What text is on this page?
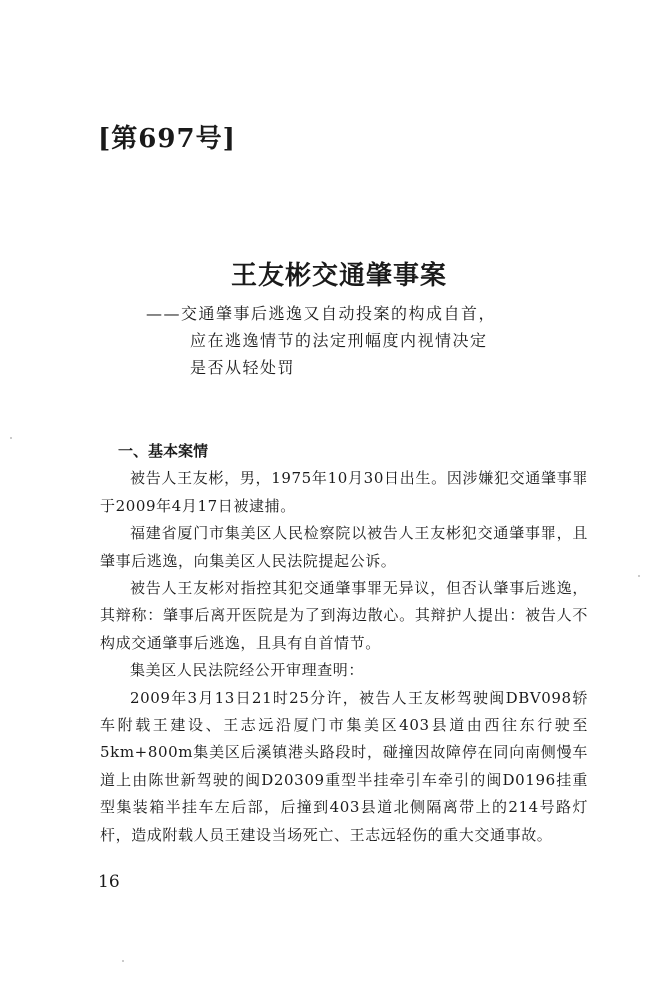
[第697号]
王友彬交通肇事案
——交通肇事后逃逸又自动投案的构成自首，
应在逃逸情节的法定刑幅度内视情决定
是否从轻处罚

一、基本案情

被告人王友彬，男，1975年10月30日出生。因涉嫌犯交通肇事罪于2009年4月17日被逮捕。

福建省厦门市集美区人民检察院以被告人王友彬犯交通肇事罪，且肇事后逃逸，向集美区人民法院提起公诉。

被告人王友彬对指控其犯交通肇事罪无异议，但否认肇事后逃逸，其辩称：肇事后离开医院是为了到海边散心。其辩护人提出：被告人不构成交通肇事后逃逸，且具有自首情节。

集美区人民法院经公开审理查明：

2009年3月13日21时25分许，被告人王友彬驾驶闽DBV098轿车附载王建设、王志远沿厦门市集美区403县道由西往东行驶至5km+800m集美区后溪镇港头路段时，碰撞因故障停在同向南侧慢车道上由陈世新驾驶的闽D20309重型半挂牵引车牵引的闽D0196挂重型集装箱半挂车左后部，后撞到403县道北侧隔离带上的214号路灯杆，造成附载人员王建设当场死亡、王志远轻伤的重大交通事故。

16
